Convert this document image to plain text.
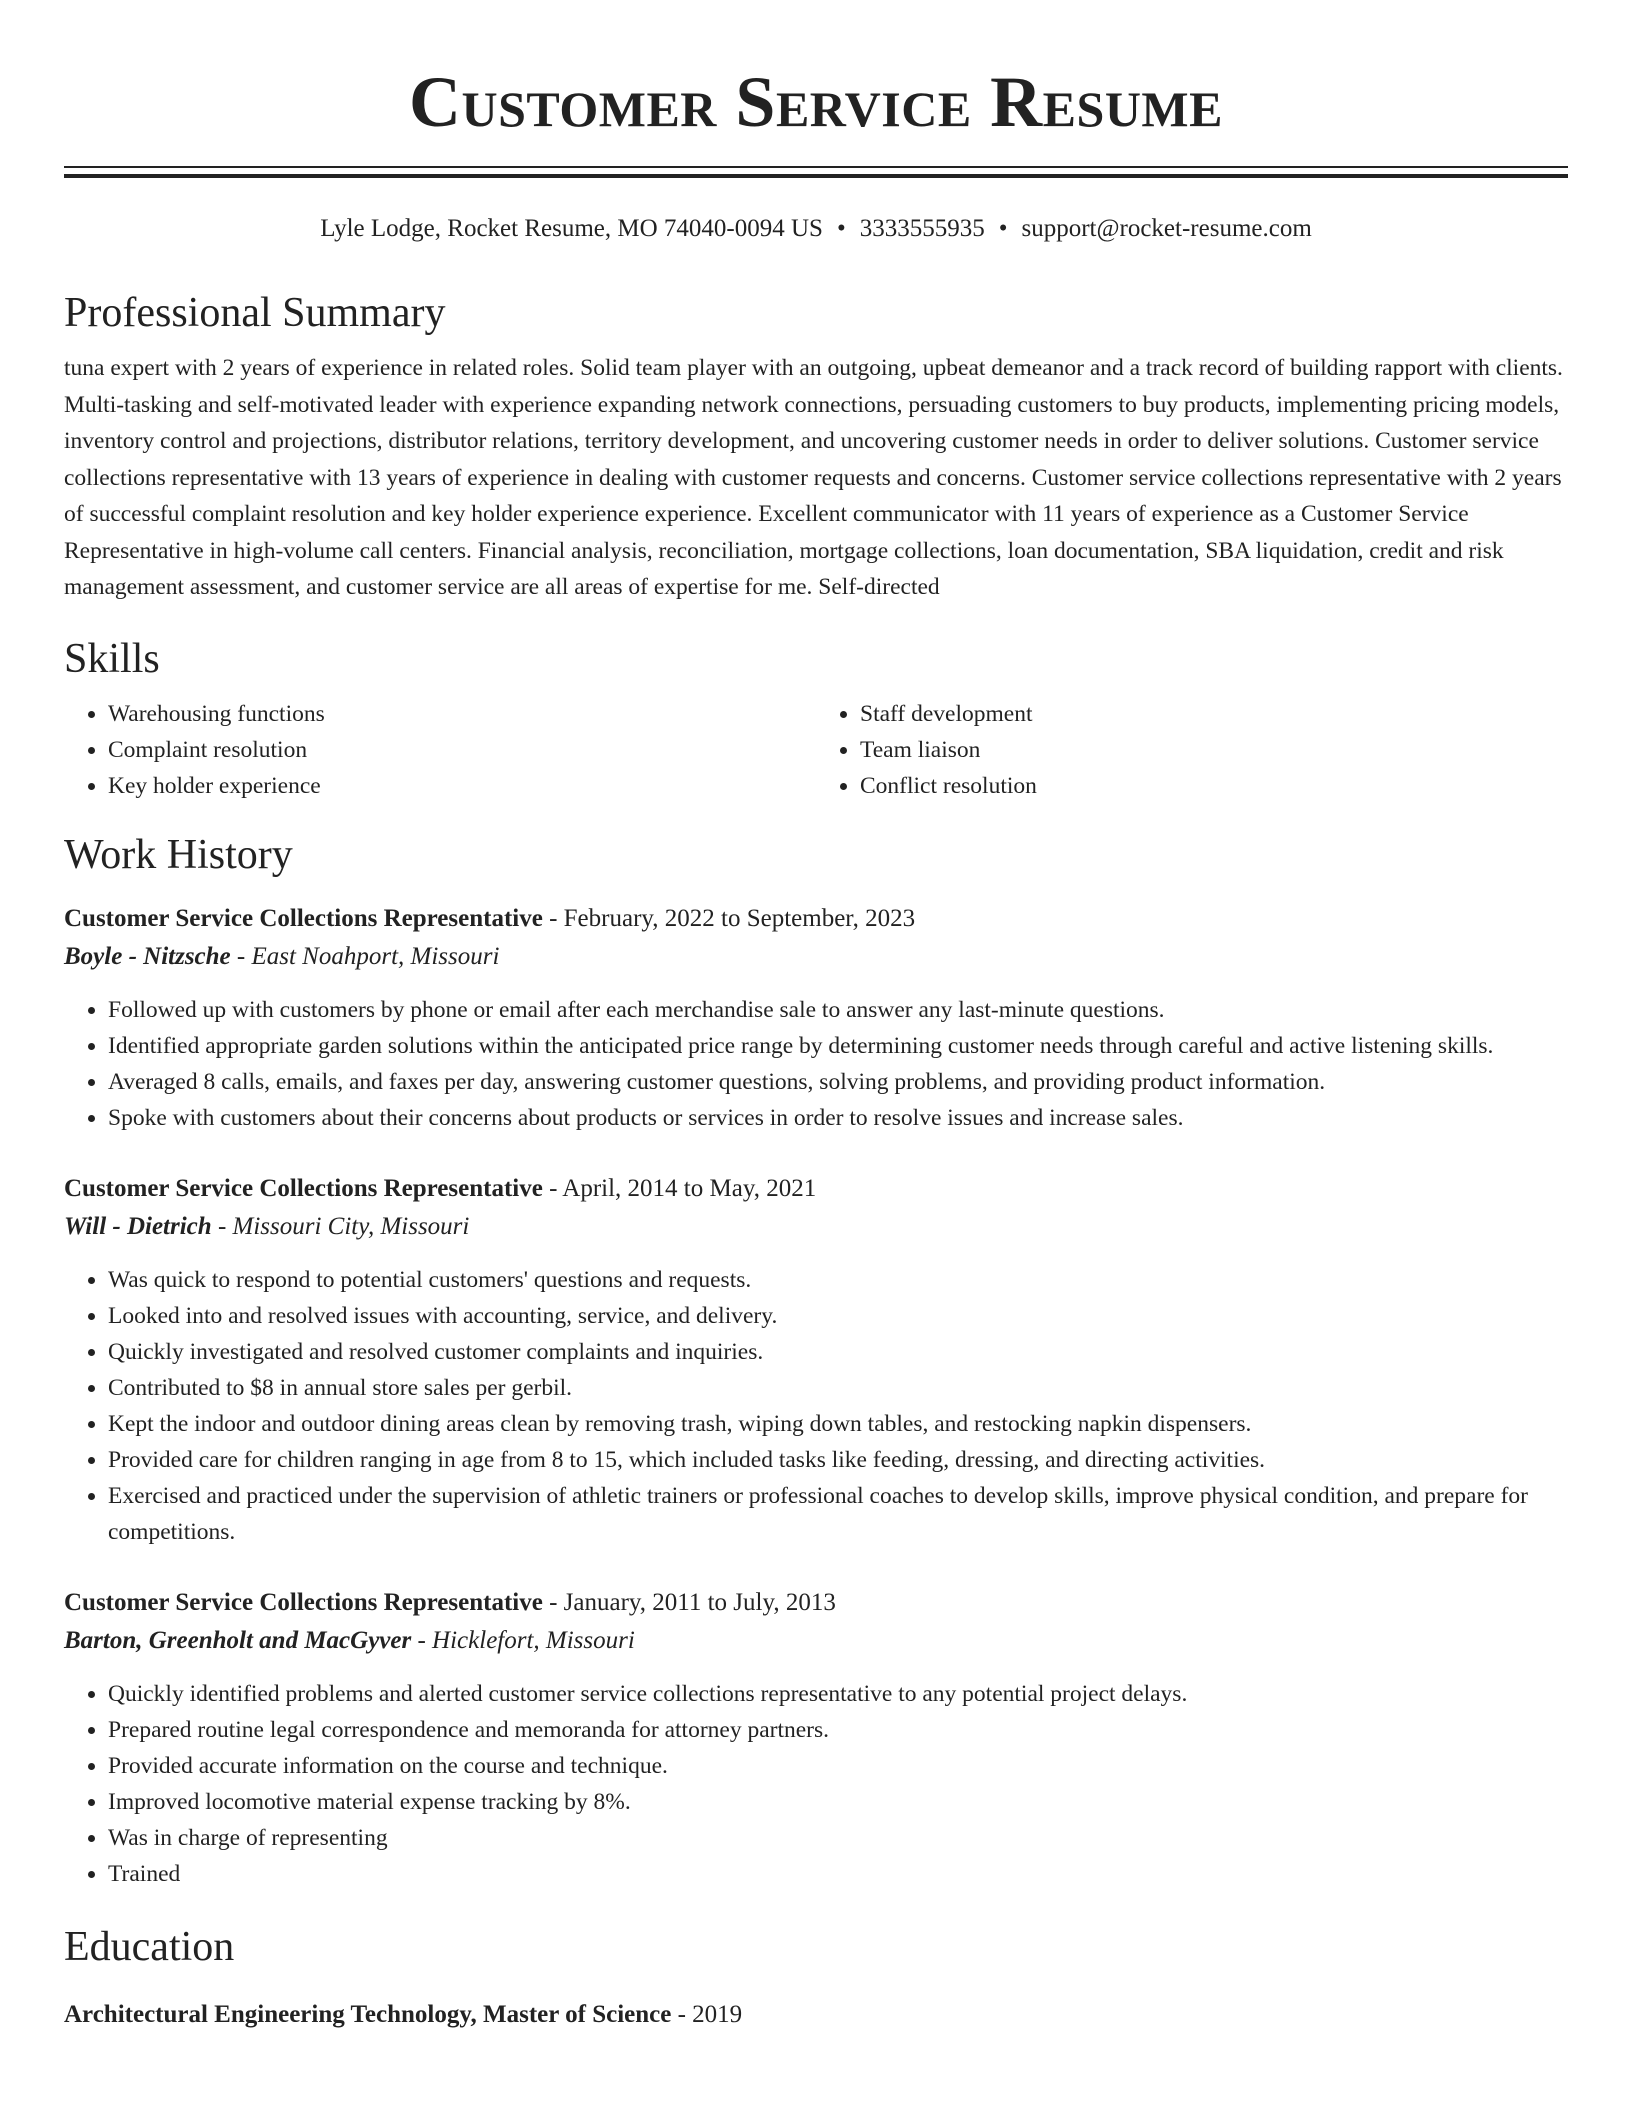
Customer Service Resume
Lyle Lodge, Rocket Resume, MO 74040-0094 US • 3333555935 • support@rocket-resume.com
Professional Summary

tuna expert with 2 years of experience in related roles. Solid team player with an outgoing, upbeat demeanor and a track record of building rapport with clients. Multi-tasking and self-motivated leader with experience expanding network connections, persuading customers to buy products, implementing pricing models, inventory control and projections, distributor relations, territory development, and uncovering customer needs in order to deliver solutions. Customer service collections representative with 13 years of experience in dealing with customer requests and concerns. Customer service collections representative with 2 years of successful complaint resolution and key holder experience experience. Excellent communicator with 11 years of experience as a Customer Service Representative in high-volume call centers. Financial analysis, reconciliation, mortgage collections, loan documentation, SBA liquidation, credit and risk management assessment, and customer service are all areas of expertise for me. Self-directed

Skills
• Warehousing functions
• Complaint resolution
• Key holder experience
• Staff development
• Team liaison
• Conflict resolution
Work History
Customer Service Collections Representative - February, 2022 to September, 2023
Boyle - Nitzsche - East Noahport, Missouri
• Followed up with customers by phone or email after each merchandise sale to answer any last-minute questions.
• Identified appropriate garden solutions within the anticipated price range by determining customer needs through careful and active listening skills.
• Averaged 8 calls, emails, and faxes per day, answering customer questions, solving problems, and providing product information.
• Spoke with customers about their concerns about products or services in order to resolve issues and increase sales.
Customer Service Collections Representative - April, 2014 to May, 2021
Will - Dietrich - Missouri City, Missouri
• Was quick to respond to potential customers' questions and requests.
• Looked into and resolved issues with accounting, service, and delivery.
• Quickly investigated and resolved customer complaints and inquiries.
• Contributed to $8 in annual store sales per gerbil.
• Kept the indoor and outdoor dining areas clean by removing trash, wiping down tables, and restocking napkin dispensers.
• Provided care for children ranging in age from 8 to 15, which included tasks like feeding, dressing, and directing activities.
• Exercised and practiced under the supervision of athletic trainers or professional coaches to develop skills, improve physical condition, and prepare for competitions.
Customer Service Collections Representative - January, 2011 to July, 2013
Barton, Greenholt and MacGyver - Hicklefort, Missouri
• Quickly identified problems and alerted customer service collections representative to any potential project delays.
• Prepared routine legal correspondence and memoranda for attorney partners.
• Provided accurate information on the course and technique.
• Improved locomotive material expense tracking by 8%.
• Was in charge of representing
• Trained
Education
Architectural Engineering Technology, Master of Science - 2019
